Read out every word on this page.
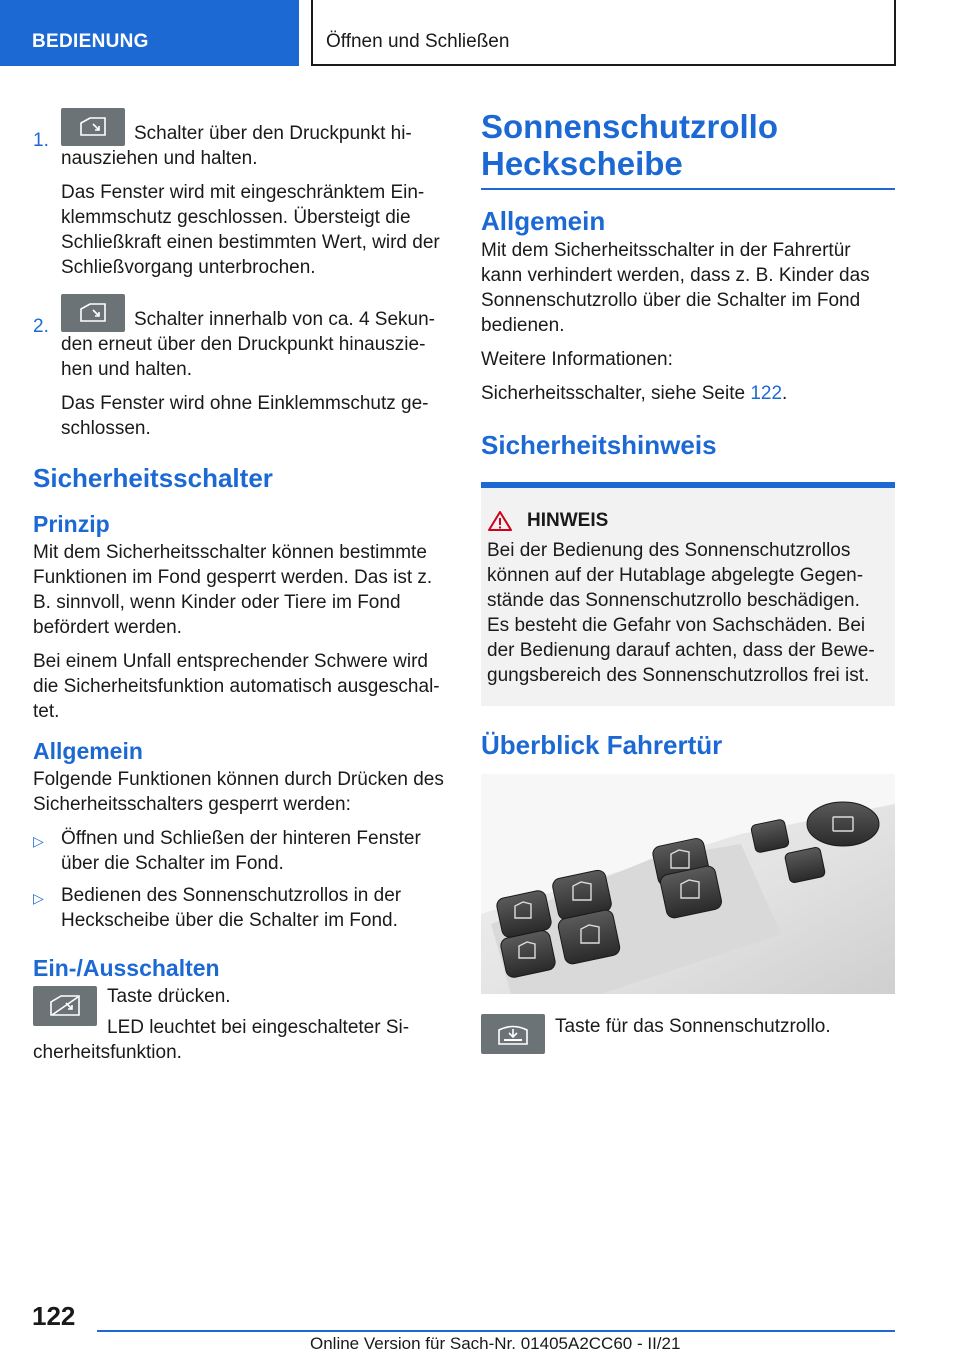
BEDIENUNG	Öffnen und Schließen
1.	Schalter über den Druckpunkt hi-

nausziehen und halten.

Das Fenster wird mit eingeschränktem Ein- klemmschutz geschlossen. Übersteigt die Schließkraft einen bestimmten Wert, wird der Schließvorgang unterbrochen.

2.	Schalter innerhalb von ca. 4 Sekun-

den erneut über den Druckpunkt hinauszie- hen und halten.

Das Fenster wird ohne Einklemmschutz ge- schlossen.

Sicherheitsschalter
Prinzip

Mit dem Sicherheitsschalter können bestimmte Funktionen im Fond gesperrt werden. Das ist z. B. sinnvoll, wenn Kinder oder Tiere im Fond befördert werden.

Bei einem Unfall entsprechender Schwere wird die Sicherheitsfunktion automatisch ausgeschal- tet.

Allgemein

Folgende Funktionen können durch Drücken des Sicherheitsschalters gesperrt werden:

▷ Öffnen und Schließen der hinteren Fenster über die Schalter im Fond.
▷ Bedienen des Sonnenschutzrollos in der Heckscheibe über die Schalter im Fond.
Ein-/Ausschalten

Taste drücken.

LED leuchtet bei eingeschalteter Si- cherheitsfunktion.

Sonnenschutzrollo
Heckscheibe
Allgemein

Mit dem Sicherheitsschalter in der Fahrertür kann verhindert werden, dass z. B. Kinder das Sonnenschutzrollo über die Schalter im Fond bedienen.

Weitere Informationen:

Sicherheitsschalter, siehe Seite 122.

Sicherheitshinweis
HINWEIS

Bei der Bedienung des Sonnenschutzrollos können auf der Hutablage abgelegte Gegen- stände das Sonnenschutzrollo beschädigen. Es besteht die Gefahr von Sachschäden. Bei der Bedienung darauf achten, dass der Bewe- gungsbereich des Sonnenschutzrollos frei ist.

Überblick Fahrertür

Taste für das Sonnenschutzrollo.

122
Online Version für Sach-Nr. 01405A2CC60 - II/21
